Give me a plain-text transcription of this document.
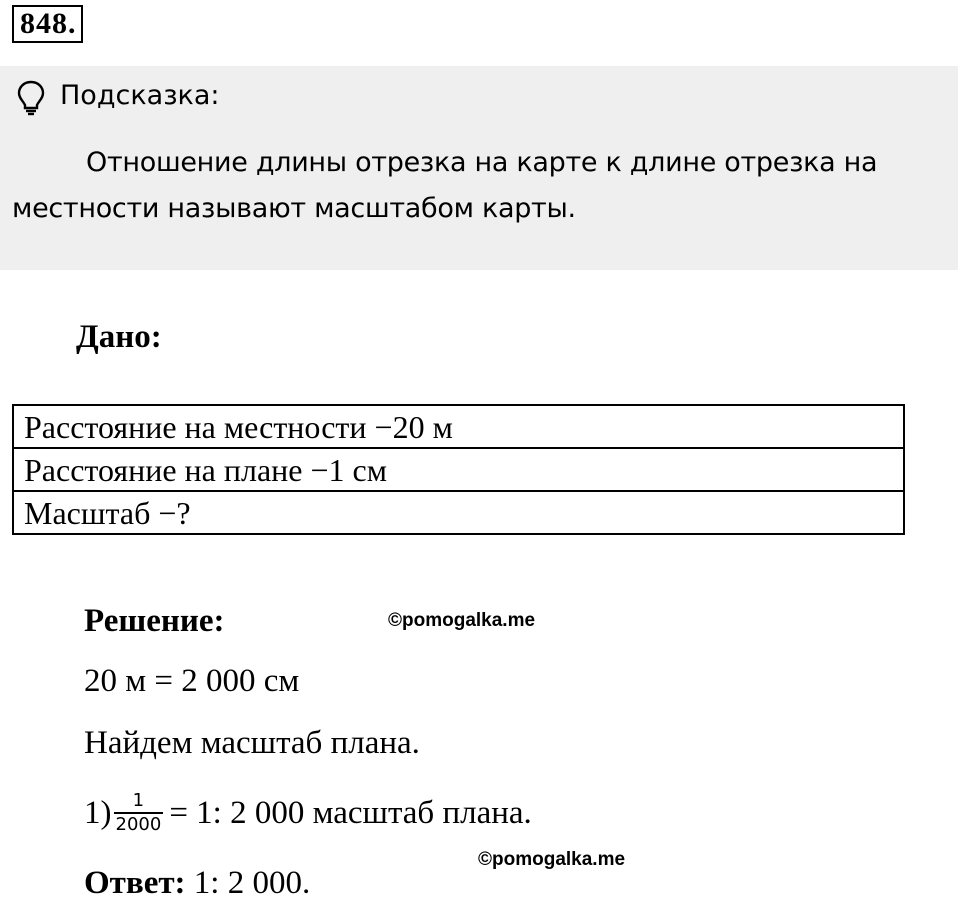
848.
Подсказка:

Отношение длины отрезка на карте к длине отрезка на местности называют масштабом карты.

Дано:
Расстояние на местности −20 м
Расстояние на плане −1 см
Масштаб −?
Решение:	©pomogalka.me
20 м = 2 000 см
Найдем масштаб плана.
$1) \frac{1}{2000} = 1$: 2 000 масштаб плана.
©pomogalka.me
Ответ: 1: 2 000.
